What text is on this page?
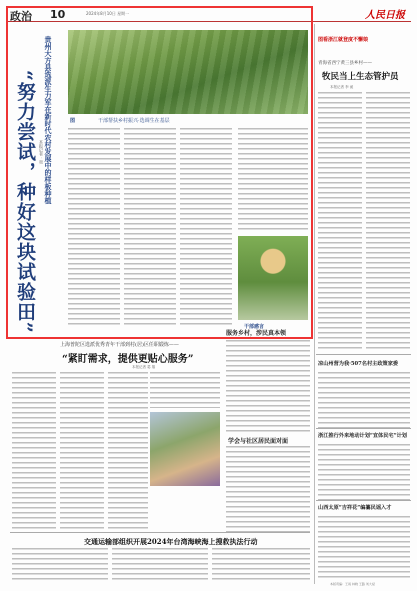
政治 10	2024年8月10日 星期一	人民日报
贵州大方县选派生力军在新时代农村发展中的样板种植
“努力尝试，种好这块试验田” 本报记者 · 贵
图	干部帮扶乡村振兴·选调生在基层
干部感言
图看浙江就登度不懈娘
青海省西宁黄三县乡村——
牧民当上生态管护员
本报记者 李 诞
凉山州营为我·507名村主政策家委
浙江推行外来地动计划“宜体民宅”计划
山西太原“吉祥花”编纂民谣入才
上海普陀区选派优秀青年干部到村(居)区任职锻炼——
“紧盯需求，提供更贴心服务”
本报记者 葛 翔
服务乡村，涉民真本领
学会与社区居民面对面
交通运输部组织开展2024年台湾海峡海上搜救执法行动
本版责编：王雨 林晓 王路 刘大斌
